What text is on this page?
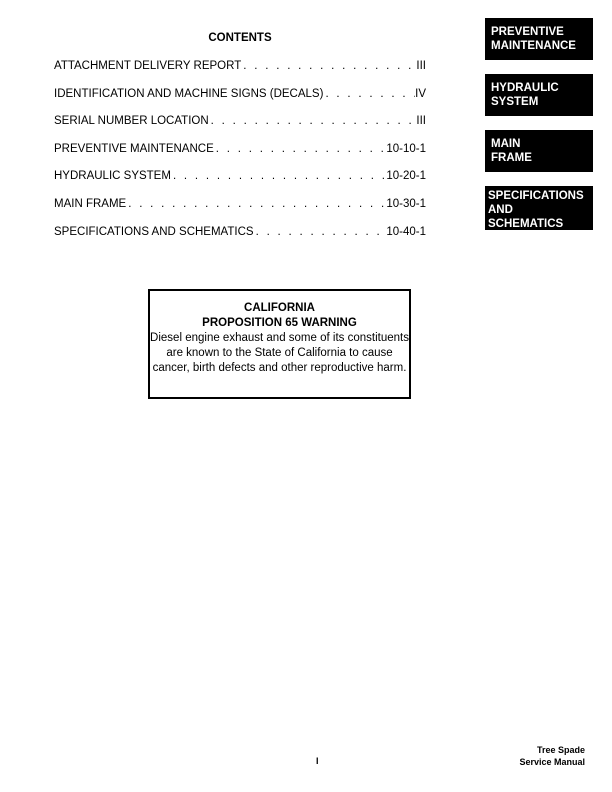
CONTENTS
ATTACHMENT DELIVERY REPORT . . .	III
IDENTIFICATION AND MACHINE SIGNS (DECALS) . . .	IV
SERIAL NUMBER LOCATION . . .	III
PREVENTIVE MAINTENANCE . . .	10-10-1
HYDRAULIC SYSTEM . . .	10-20-1
MAIN FRAME . . .	10-30-1
SPECIFICATIONS AND SCHEMATICS . . .	10-40-1
PREVENTIVE
MAINTENANCE
HYDRAULIC
SYSTEM
MAIN
FRAME
SPECIFICATIONS
AND
SCHEMATICS
CALIFORNIA
PROPOSITION 65 WARNING
Diesel engine exhaust and some of its constituents are known to the State of California to cause cancer, birth defects and other reproductive harm.
I
Tree Spade
Service Manual
